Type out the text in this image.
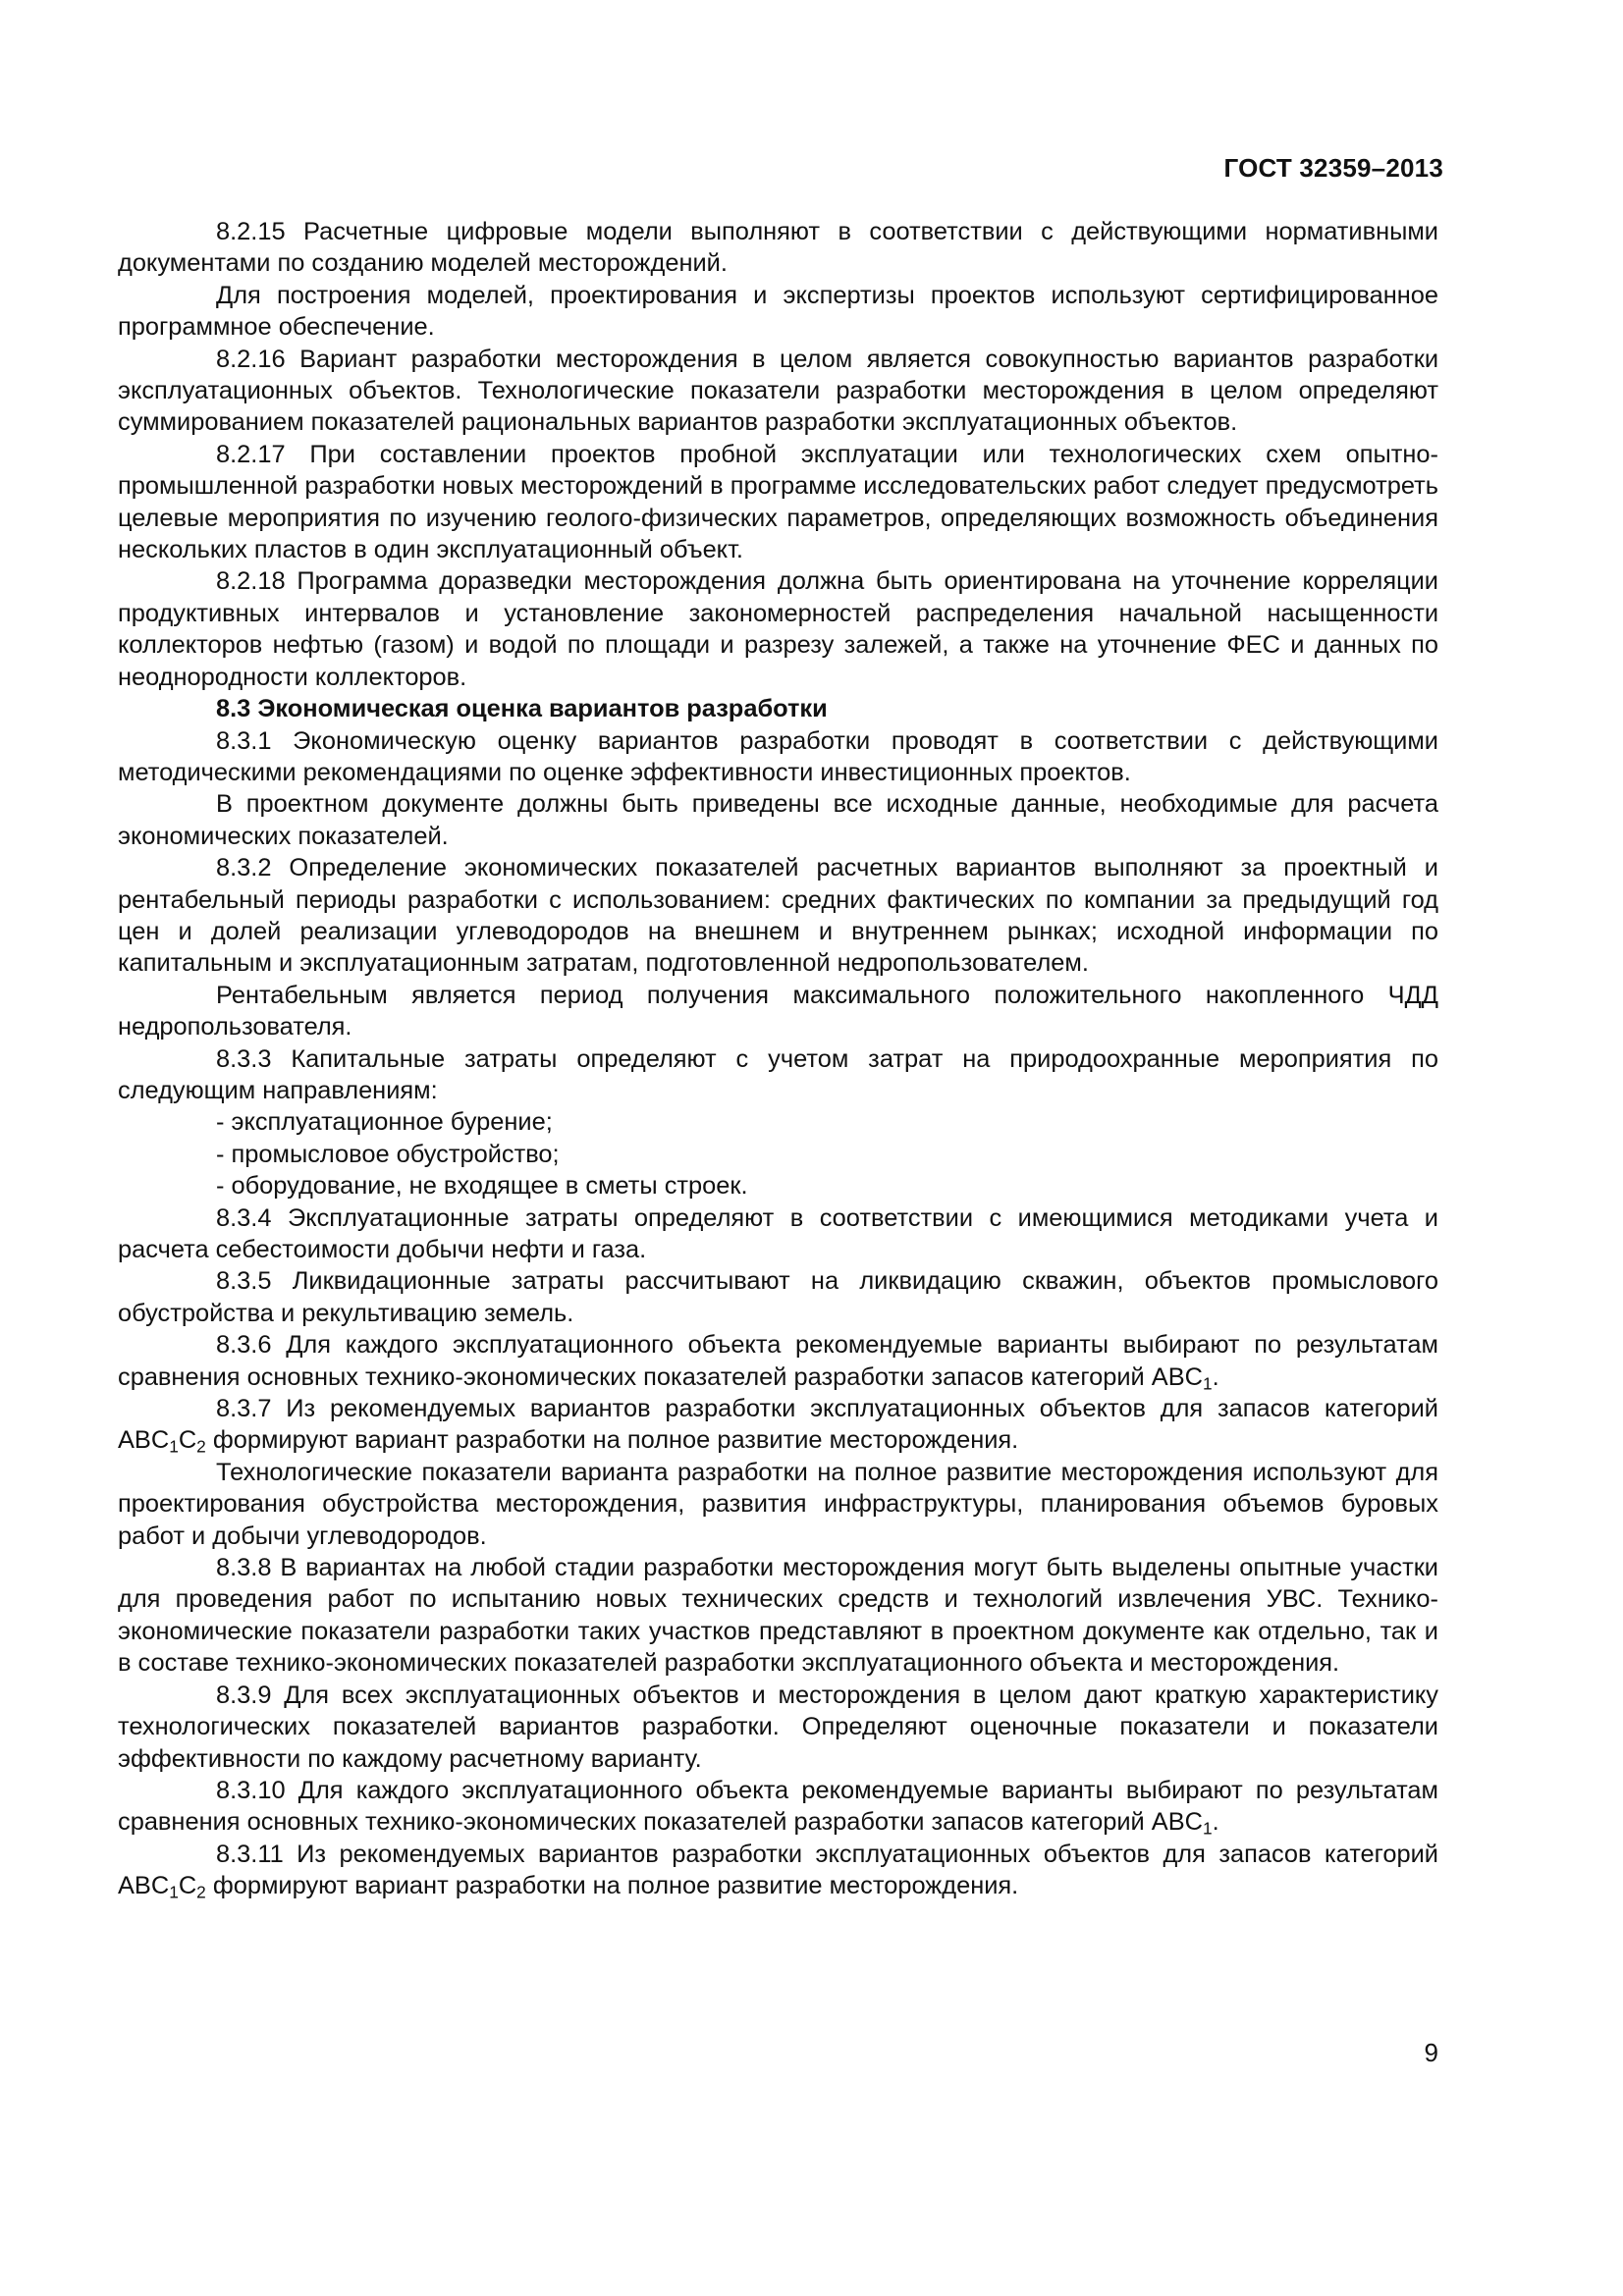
ГОСТ 32359–2013

8.2.15 Расчетные цифровые модели выполняют в соответствии с действующими нормативными документами по созданию моделей месторождений.

Для построения моделей, проектирования и экспертизы проектов используют сертифицированное программное обеспечение.

8.2.16 Вариант разработки месторождения в целом является совокупностью вариантов разработки эксплуатационных объектов. Технологические показатели разработки месторождения в целом определяют суммированием показателей рациональных вариантов разработки эксплуатационных объектов.

8.2.17 При составлении проектов пробной эксплуатации или технологических схем опытно-промышленной разработки новых месторождений в программе исследовательских работ следует предусмотреть целевые мероприятия по изучению геолого-физических параметров, определяющих возможность объединения нескольких пластов в один эксплуатационный объект.

8.2.18 Программа доразведки месторождения должна быть ориентирована на уточнение корреляции продуктивных интервалов и установление закономерностей распределения начальной насыщенности коллекторов нефтью (газом) и водой по площади и разрезу залежей, а также на уточнение ФЕС и данных по неоднородности коллекторов.

8.3 Экономическая оценка вариантов разработки

8.3.1 Экономическую оценку вариантов разработки проводят в соответствии с действующими методическими рекомендациями по оценке эффективности инвестиционных проектов.

В проектном документе должны быть приведены все исходные данные, необходимые для расчета экономических показателей.

8.3.2 Определение экономических показателей расчетных вариантов выполняют за проектный и рентабельный периоды разработки с использованием: средних фактических по компании за предыдущий год цен и долей реализации углеводородов на внешнем и внутреннем рынках; исходной информации по капитальным и эксплуатационным затратам, подготовленной недропользователем.

Рентабельным является период получения максимального положительного накопленного ЧДД недропользователя.

8.3.3 Капитальные затраты определяют с учетом затрат на природоохранные мероприятия по следующим направлениям:

- эксплуатационное бурение;

- промысловое обустройство;

- оборудование, не входящее в сметы строек.

8.3.4 Эксплуатационные затраты определяют в соответствии с имеющимися методиками учета и расчета себестоимости добычи нефти и газа.

8.3.5 Ликвидационные затраты рассчитывают на ликвидацию скважин, объектов промыслового обустройства и рекультивацию земель.

8.3.6 Для каждого эксплуатационного объекта рекомендуемые варианты выбирают по результатам сравнения основных технико-экономических показателей разработки запасов категорий $ABC_1$.

8.3.7 Из рекомендуемых вариантов разработки эксплуатационных объектов для запасов категорий $ABC_1C_2$ формируют вариант разработки на полное развитие месторождения.

Технологические показатели варианта разработки на полное развитие месторождения используют для проектирования обустройства месторождения, развития инфраструктуры, планирования объемов буровых работ и добычи углеводородов.

8.3.8 В вариантах на любой стадии разработки месторождения могут быть выделены опытные участки для проведения работ по испытанию новых технических средств и технологий извлечения УВС. Технико-экономические показатели разработки таких участков представляют в проектном документе как отдельно, так и в составе технико-экономических показателей разработки эксплуатационного объекта и месторождения.

8.3.9 Для всех эксплуатационных объектов и месторождения в целом дают краткую характеристику технологических показателей вариантов разработки. Определяют оценочные показатели и показатели эффективности по каждому расчетному варианту.

8.3.10 Для каждого эксплуатационного объекта рекомендуемые варианты выбирают по результатам сравнения основных технико-экономических показателей разработки запасов категорий $ABC_1$.

8.3.11 Из рекомендуемых вариантов разработки эксплуатационных объектов для запасов категорий $ABC_1C_2$ формируют вариант разработки на полное развитие месторождения.

9
